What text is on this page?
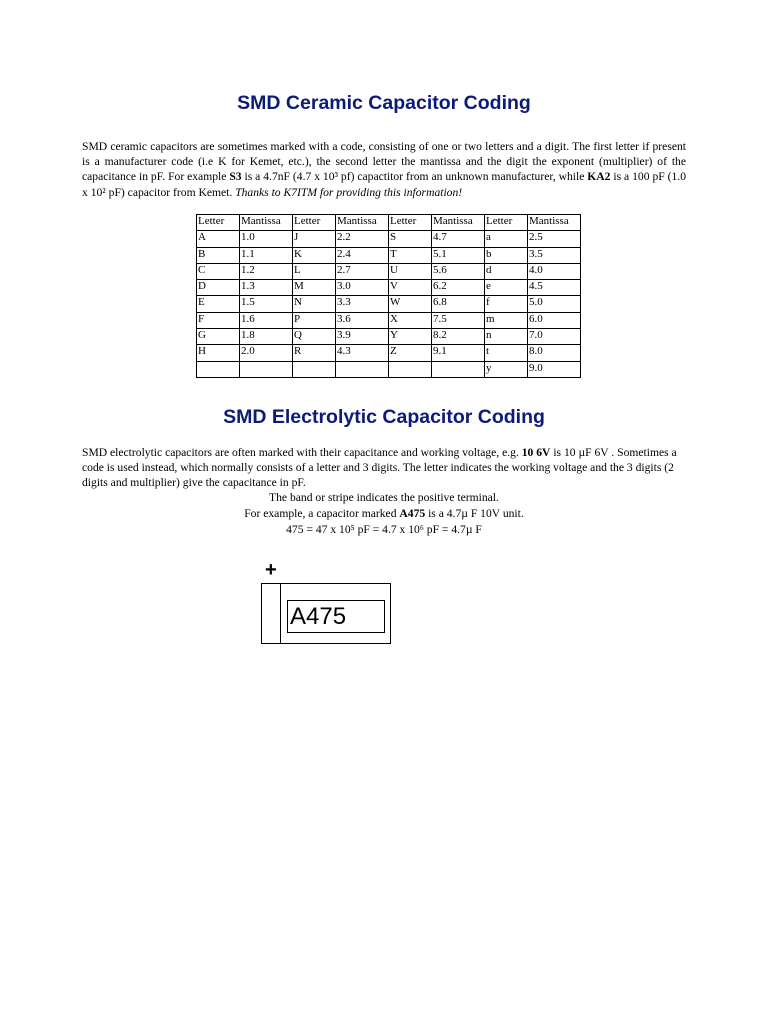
SMD Ceramic Capacitor Coding

SMD ceramic capacitors are sometimes marked with a code, consisting of one or two letters and a digit. The first letter if present is a manufacturer code (i.e K for Kemet, etc.), the second letter the mantissa and the digit the exponent (multiplier) of the capacitance in pF. For example S3 is a 4.7nF (4.7 x 10³ pf) capactitor from an unknown manufacturer, while KA2 is a 100 pF (1.0 x 10² pF) capacitor from Kemet. Thanks to K7ITM for providing this information!

Letter	Mantissa	Letter	Mantissa	Letter	Mantissa	Letter	Mantissa
A	1.0	J	2.2	S	4.7	a	2.5
B	1.1	K	2.4	T	5.1	b	3.5
C	1.2	L	2.7	U	5.6	d	4.0
D	1.3	M	3.0	V	6.2	e	4.5
E	1.5	N	3.3	W	6.8	f	5.0
F	1.6	P	3.6	X	7.5	m	6.0
G	1.8	Q	3.9	Y	8.2	n	7.0
H	2.0	R	4.3	Z	9.1	t	8.0
						y	9.0
SMD Electrolytic Capacitor Coding

SMD electrolytic capacitors are often marked with their capacitance and working voltage, e.g. 10 6V is 10 µF 6V . Sometimes a code is used instead, which normally consists of a letter and 3 digits. The letter indicates the working voltage and the 3 digits (2 digits and multiplier) give the capacitance in pF.

The band or stripe indicates the positive terminal.
For example, a capacitor marked A475 is a 4.7µ F 10V unit.
475 = 47 x 10⁵ pF = 4.7 x 10⁶ pF = 4.7µ F
+
A475
